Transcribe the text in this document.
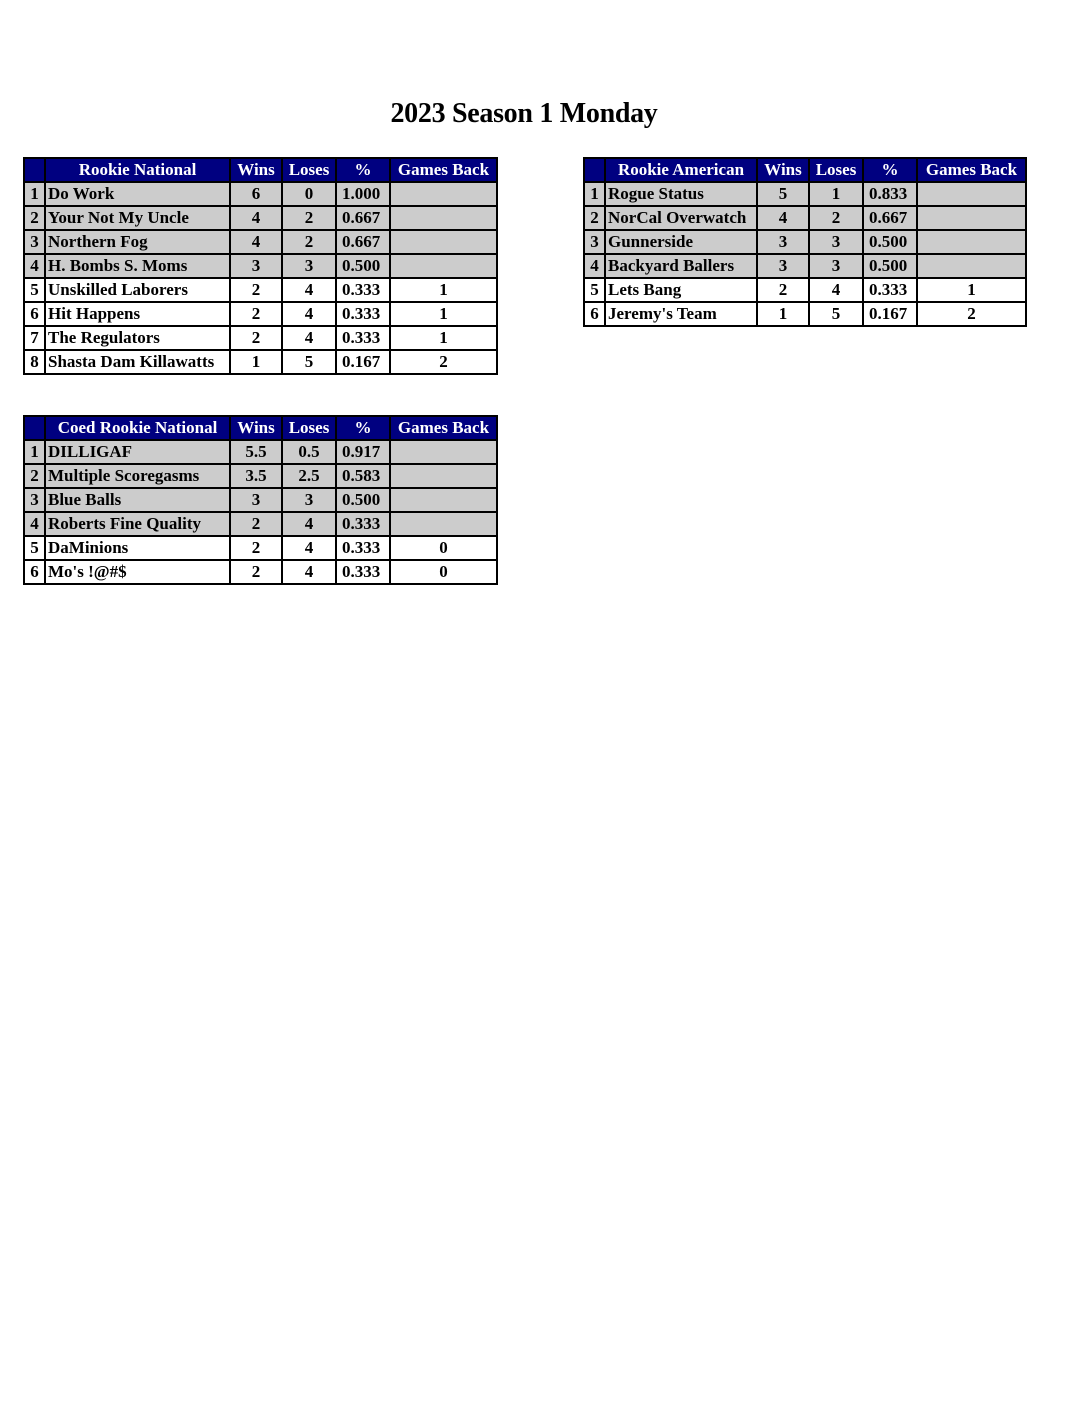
2023 Season 1 Monday
	Rookie National	Wins	Loses	%	Games Back
1	Do Work	6	0	1.000	
2	Your Not My Uncle	4	2	0.667	
3	Northern Fog	4	2	0.667	
4	H. Bombs S. Moms	3	3	0.500	
5	Unskilled Laborers	2	4	0.333	1
6	Hit Happens	2	4	0.333	1
7	The Regulators	2	4	0.333	1
8	Shasta Dam Killawatts	1	5	0.167	2
	Rookie American	Wins	Loses	%	Games Back
1	Rogue Status	5	1	0.833	
2	NorCal Overwatch	4	2	0.667	
3	Gunnerside	3	3	0.500	
4	Backyard Ballers	3	3	0.500	
5	Lets Bang	2	4	0.333	1
6	Jeremy's Team	1	5	0.167	2
	Coed Rookie National	Wins	Loses	%	Games Back
1	DILLIGAF	5.5	0.5	0.917	
2	Multiple Scoregasms	3.5	2.5	0.583	
3	Blue Balls	3	3	0.500	
4	Roberts Fine Quality	2	4	0.333	
5	DaMinions	2	4	0.333	0
6	Mo's !@#$	2	4	0.333	0
